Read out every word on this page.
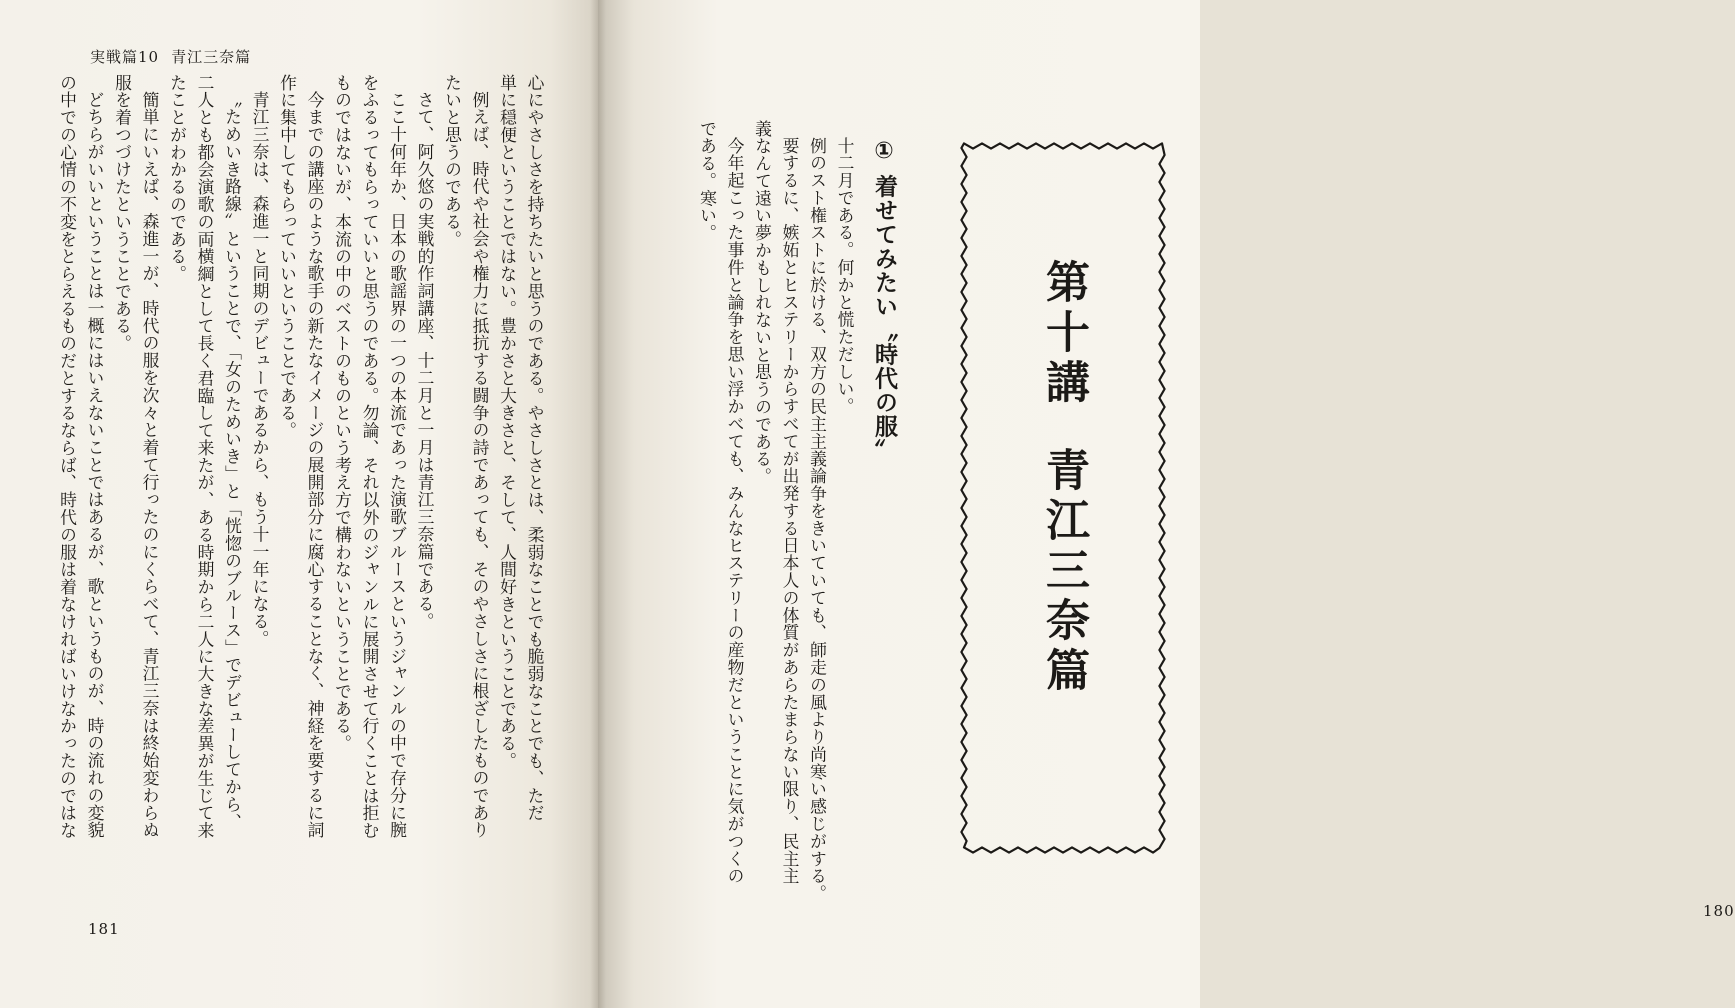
実戦篇10 青江三奈篇

心にやさしさを持ちたいと思うのである。やさしさとは、柔弱なことでも脆弱なことでも、ただ

単に穏便ということではない。豊かさと大きさと、そして、人間好きということである。

例えば、時代や社会や権力に抵抗する闘争の詩であっても、そのやさしさに根ざしたものであり

たいと思うのである。

さて、阿久悠の実戦的作詞講座、十二月と一月は青江三奈篇である。

ここ十何年か、日本の歌謡界の一つの本流であった演歌ブルースというジャンルの中で存分に腕

をふるってもらっていいと思うのである。勿論、それ以外のジャンルに展開させて行くことは拒む

ものではないが、本流の中のベストのものという考え方で構わないということである。

今までの講座のような歌手の新たなイメージの展開部分に腐心することなく、神経を要するに詞

作に集中してもらっていいということである。

青江三奈は、森進一と同期のデビューであるから、もう十一年になる。

〝ためいき路線〟ということで、「女のためいき」と「恍惚のブルース」でデビューしてから、

二人とも都会演歌の両横綱として長く君臨して来たが、ある時期から二人に大きな差異が生じて来

たことがわかるのである。

簡単にいえば、森進一が、時代の服を次々と着て行ったのにくらべて、青江三奈は終始変わらぬ

服を着つづけたということである。

どちらがいいということは一概にはいえないことではあるが、歌というものが、時の流れの変貌

の中での心情の不変をとらえるものだとするならば、時代の服は着なければいけなかったのではな

181

十二月である。何かと慌ただしい。

例のスト権ストに於ける、双方の民主主義論争をきいていても、師走の風より尚寒い感じがする。

要するに、嫉妬とヒステリーからすべてが出発する日本人の体質があらたまらない限り、民主主

義なんて遠い夢かもしれないと思うのである。

今年起こった事件と論争を思い浮かべても、みんなヒステリーの産物だということに気がつくの

である。寒い。

180
① 着せてみたい〝時代の服〟	第十講青江三奈篇
